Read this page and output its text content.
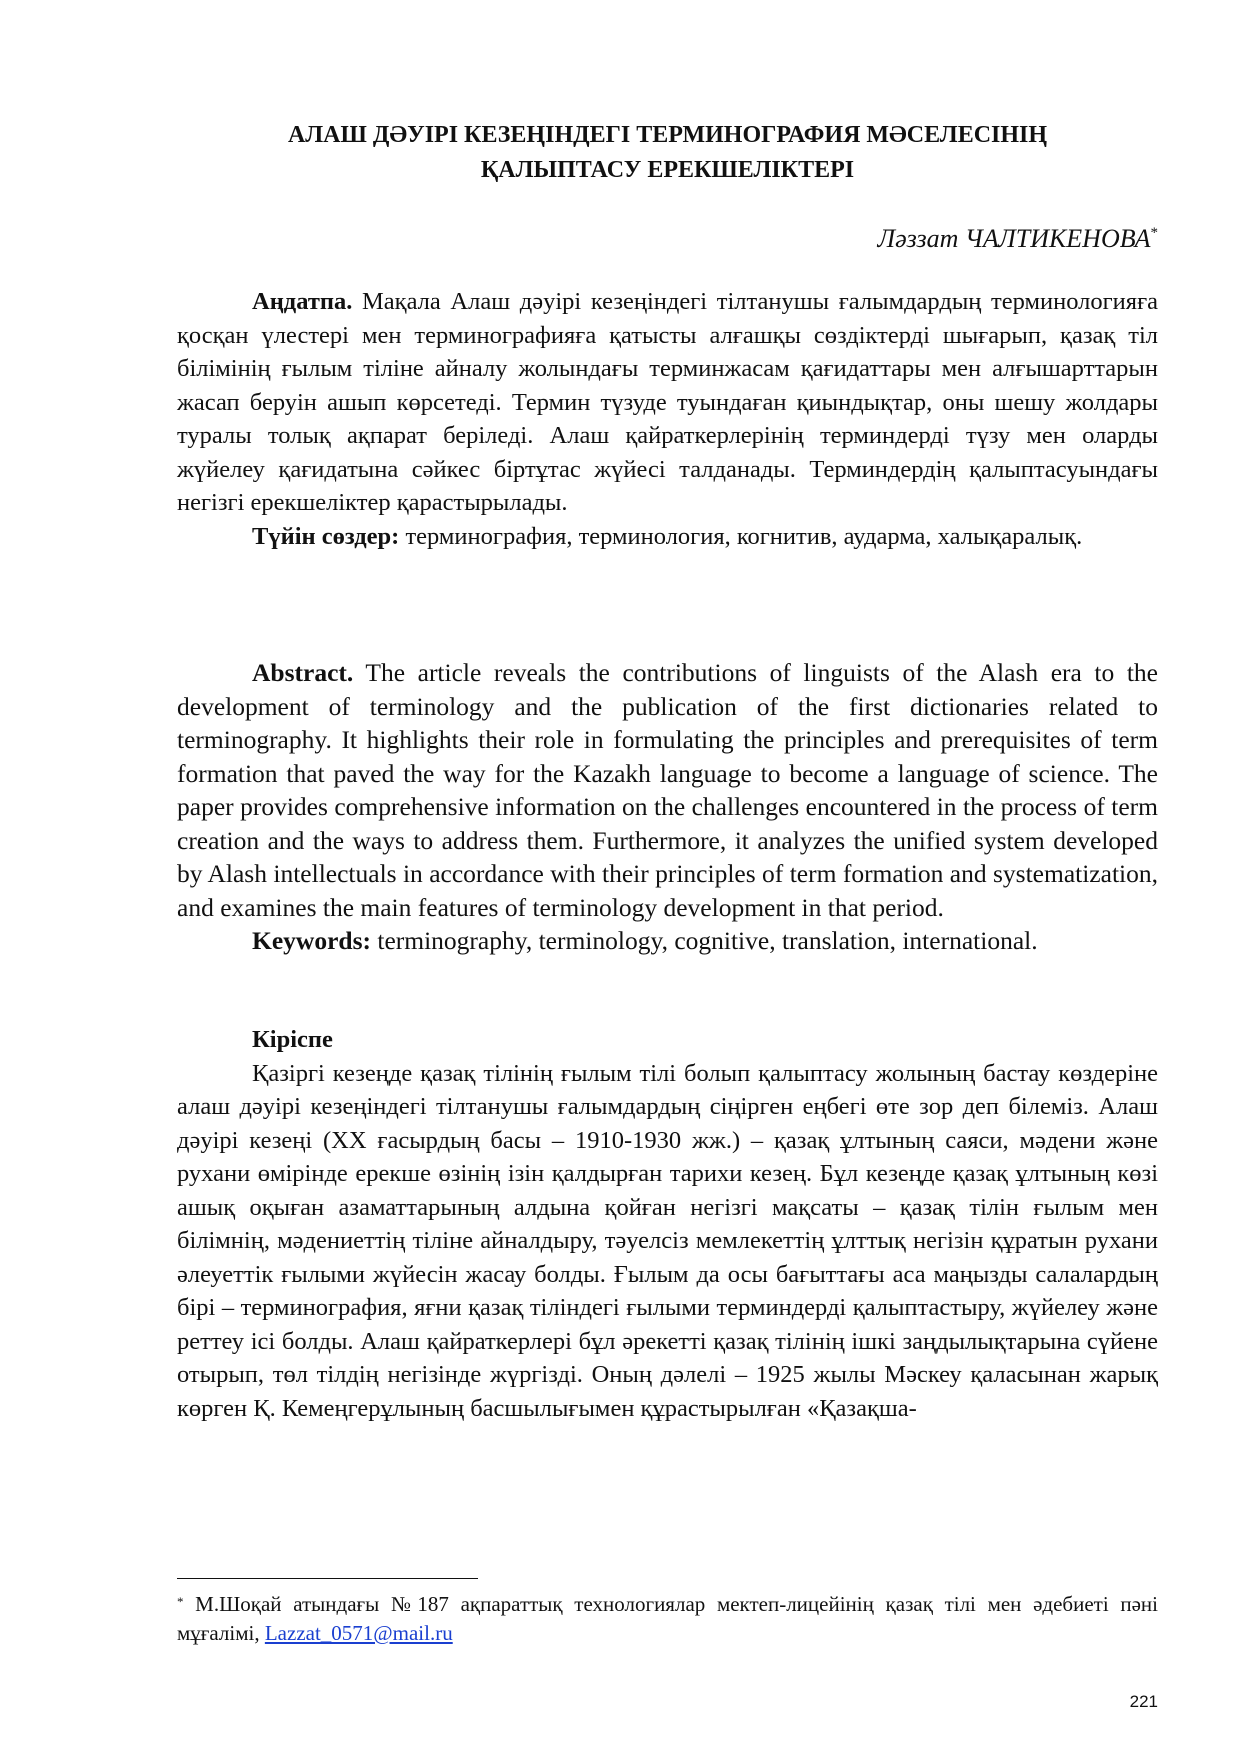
АЛАШ ДӘУІРІ КЕЗЕҢІНДЕГІ ТЕРМИНОГРАФИЯ МӘСЕЛЕСІНІҢ
ҚАЛЫПТАСУ ЕРЕКШЕЛІКТЕРІ

Ләззат ЧАЛТИКЕНОВА*

Аңдатпа. Мақала Алаш дәуірі кезеңіндегі тілтанушы ғалымдардың терминологияға қосқан үлестері мен терминографияға қатысты алғашқы сөздіктерді шығарып, қазақ тіл білімінің ғылым тіліне айналу жолындағы терминжасам қағидаттары мен алғышарттарын жасап беруін ашып көрсетеді. Термин түзуде туындаған қиындықтар, оны шешу жолдары туралы толық ақпарат беріледі. Алаш қайраткерлерінің терминдерді түзу мен оларды жүйелеу қағидатына сәйкес біртұтас жүйесі талданады. Терминдердің қалыптасуындағы негізгі ерекшеліктер қарастырылады.

Түйін сөздер: терминография, терминология, когнитив, аударма, халықаралық.

Abstract. The article reveals the contributions of linguists of the Alash era to the development of terminology and the publication of the first dictionaries related to terminography. It highlights their role in formulating the principles and prerequisites of term formation that paved the way for the Kazakh language to become a language of science. The paper provides comprehensive information on the challenges encountered in the process of term creation and the ways to address them. Furthermore, it analyzes the unified system developed by Alash intellectuals in accordance with their principles of term formation and systematization, and examines the main features of terminology development in that period.

Keywords: terminography, terminology, cognitive, translation, international.

Кіріспе

Қазіргі кезеңде қазақ тілінің ғылым тілі болып қалыптасу жолының бастау көздеріне алаш дәуірі кезеңіндегі тілтанушы ғалымдардың сіңірген еңбегі өте зор деп білеміз. Алаш дәуірі кезеңі (XX ғасырдың басы – 1910-1930 жж.) – қазақ ұлтының саяси, мәдени және рухани өмірінде ерекше өзінің ізін қалдырған тарихи кезең. Бұл кезеңде қазақ ұлтының көзі ашық оқыған азаматтарының алдына қойған негізгі мақсаты – қазақ тілін ғылым мен білімнің, мәдениеттің тіліне айналдыру, тәуелсіз мемлекеттің ұлттық негізін құратын рухани әлеуеттік ғылыми жүйесін жасау болды. Ғылым да осы бағыттағы аса маңызды салалардың бірі – терминография, яғни қазақ тіліндегі ғылыми терминдерді қалыптастыру, жүйелеу және реттеу ісі болды. Алаш қайраткерлері бұл әрекетті қазақ тілінің ішкі заңдылықтарына сүйене отырып, төл тілдің негізінде жүргізді. Оның дәлелі – 1925 жылы Мәскеу қаласынан жарық көрген Қ. Кемеңгерұлының басшылығымен құрастырылған «Қазақша-

* М.Шоқай атындағы №187 ақпараттық технологиялар мектеп-лицейінің қазақ тілі мен әдебиеті пәні мұғалімі, Lazzat_0571@mail.ru

221
